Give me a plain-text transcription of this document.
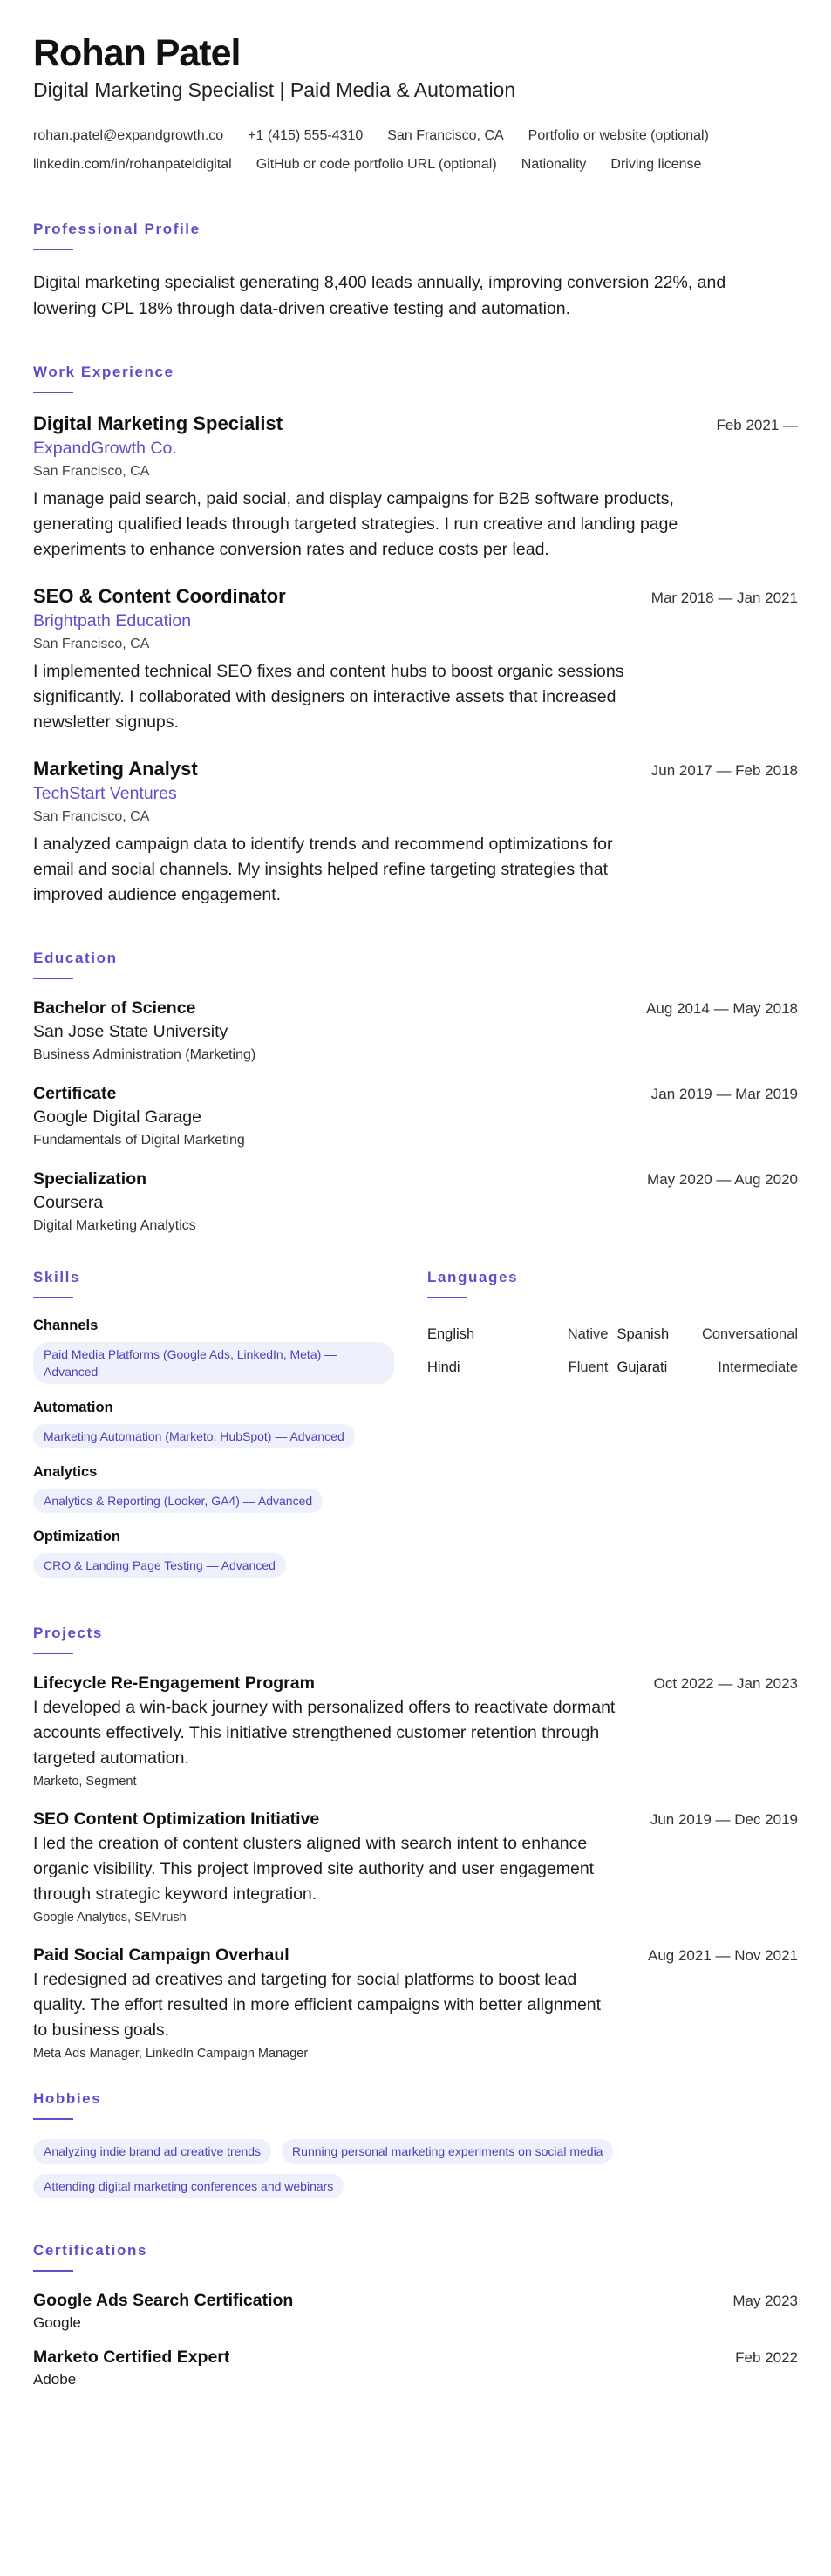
Rohan Patel
Digital Marketing Specialist | Paid Media & Automation
rohan.patel@expandgrowth.co +1 (415) 555-4310 San Francisco, CA Portfolio or website (optional)
linkedin.com/in/rohanpateldigital GitHub or code portfolio URL (optional) Nationality Driving license
Professional Profile

Digital marketing specialist generating 8,400 leads annually, improving conversion 22%, and lowering CPL 18% through data-driven creative testing and automation.

Work Experience
Digital Marketing Specialist	Feb 2021 —
ExpandGrowth Co.
San Francisco, CA

I manage paid search, paid social, and display campaigns for B2B software products, generating qualified leads through targeted strategies. I run creative and landing page experiments to enhance conversion rates and reduce costs per lead.

SEO & Content Coordinator	Mar 2018 — Jan 2021
Brightpath Education
San Francisco, CA

I implemented technical SEO fixes and content hubs to boost organic sessions significantly. I collaborated with designers on interactive assets that increased newsletter signups.

Marketing Analyst	Jun 2017 — Feb 2018
TechStart Ventures
San Francisco, CA

I analyzed campaign data to identify trends and recommend optimizations for email and social channels. My insights helped refine targeting strategies that improved audience engagement.

Education
Bachelor of Science	Aug 2014 — May 2018
San Jose State University
Business Administration (Marketing)
Certificate	Jan 2019 — Mar 2019
Google Digital Garage
Fundamentals of Digital Marketing
Specialization	May 2020 — Aug 2020
Coursera
Digital Marketing Analytics
Skills
Channels
Paid Media Platforms (Google Ads, LinkedIn, Meta) — Advanced
Automation
Marketing Automation (Marketo, HubSpot) — Advanced
Analytics
Analytics & Reporting (Looker, GA4) — Advanced
Optimization
CRO & Landing Page Testing — Advanced
Languages
English	Native Spanish Conversational
Hindi	Fluent Gujarati	Intermediate
Projects
Lifecycle Re-Engagement Program	Oct 2022 — Jan 2023

I developed a win-back journey with personalized offers to reactivate dormant accounts effectively. This initiative strengthened customer retention through targeted automation.

Marketo, Segment
SEO Content Optimization Initiative	Jun 2019 — Dec 2019

I led the creation of content clusters aligned with search intent to enhance organic visibility. This project improved site authority and user engagement through strategic keyword integration.

Google Analytics, SEMrush
Paid Social Campaign Overhaul	Aug 2021 — Nov 2021

I redesigned ad creatives and targeting for social platforms to boost lead quality. The effort resulted in more efficient campaigns with better alignment to business goals.

Meta Ads Manager, LinkedIn Campaign Manager
Hobbies
Analyzing indie brand ad creative trends	Running personal marketing experiments on social media
Attending digital marketing conferences and webinars
Certifications
Google Ads Search Certification	May 2023
Google
Marketo Certified Expert	Feb 2022
Adobe
